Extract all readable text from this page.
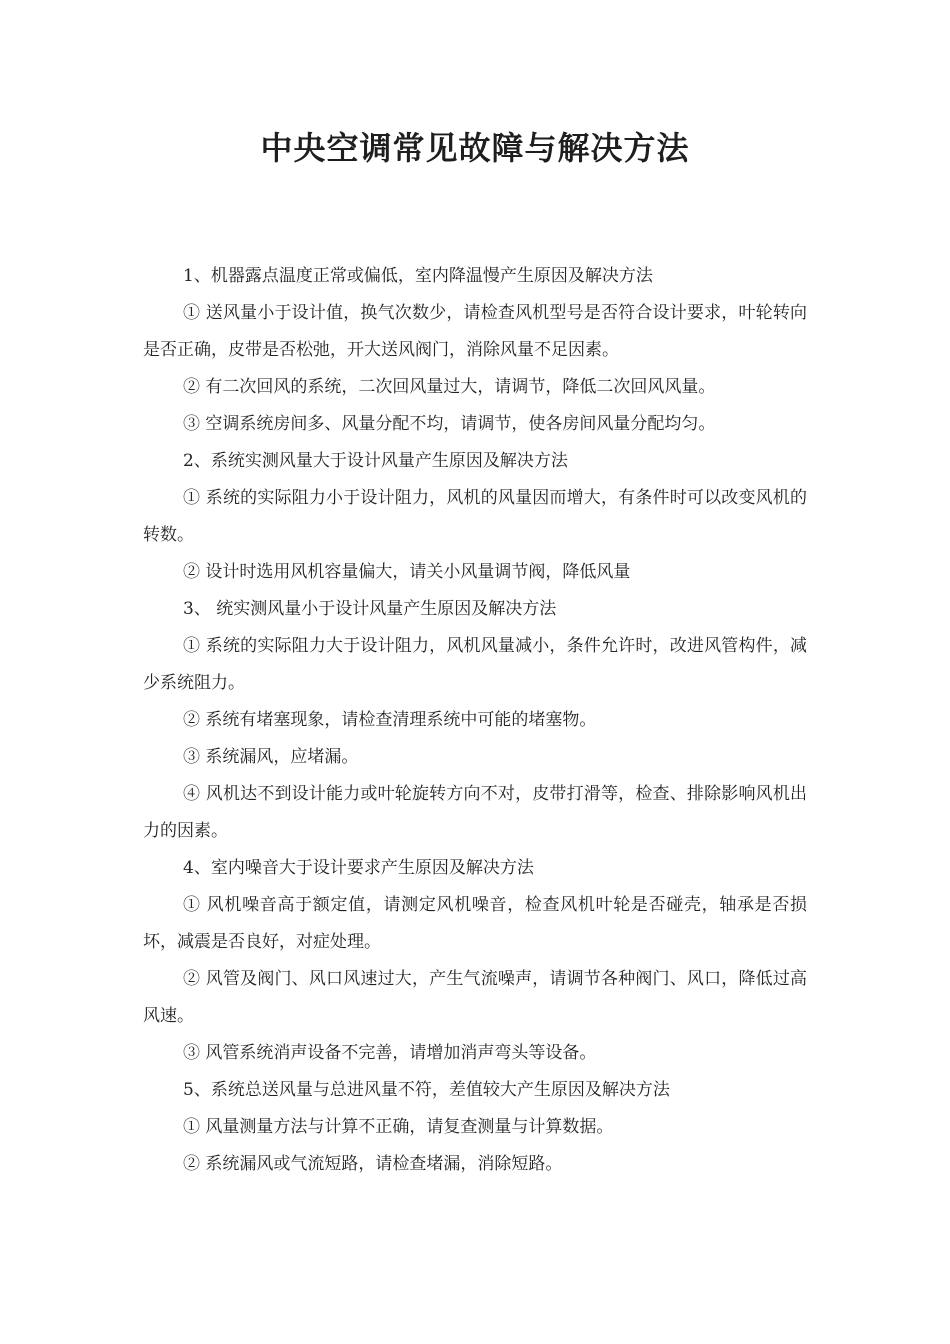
中央空调常见故障与解决方法

1、机器露点温度正常或偏低，室内降温慢产生原因及解决方法

① 送风量小于设计值，换气次数少，请检查风机型号是否符合设计要求，叶轮转向是否正确，皮带是否松弛，开大送风阀门，消除风量不足因素。

② 有二次回风的系统，二次回风量过大，请调节，降低二次回风风量。

③ 空调系统房间多、风量分配不均，请调节，使各房间风量分配均匀。

2、系统实测风量大于设计风量产生原因及解决方法

① 系统的实际阻力小于设计阻力，风机的风量因而增大，有条件时可以改变风机的转数。

② 设计时选用风机容量偏大，请关小风量调节阀，降低风量

3、 统实测风量小于设计风量产生原因及解决方法

① 系统的实际阻力大于设计阻力，风机风量减小，条件允许时，改进风管构件，减少系统阻力。

② 系统有堵塞现象，请检查清理系统中可能的堵塞物。

③ 系统漏风，应堵漏。

④ 风机达不到设计能力或叶轮旋转方向不对，皮带打滑等，检查、排除影响风机出力的因素。

4、室内噪音大于设计要求产生原因及解决方法

① 风机噪音高于额定值，请测定风机噪音，检查风机叶轮是否碰壳，轴承是否损坏，减震是否良好，对症处理。

② 风管及阀门、风口风速过大，产生气流噪声，请调节各种阀门、风口，降低过高风速。

③ 风管系统消声设备不完善，请增加消声弯头等设备。

5、系统总送风量与总进风量不符，差值较大产生原因及解决方法

① 风量测量方法与计算不正确，请复查测量与计算数据。

② 系统漏风或气流短路，请检查堵漏，消除短路。
